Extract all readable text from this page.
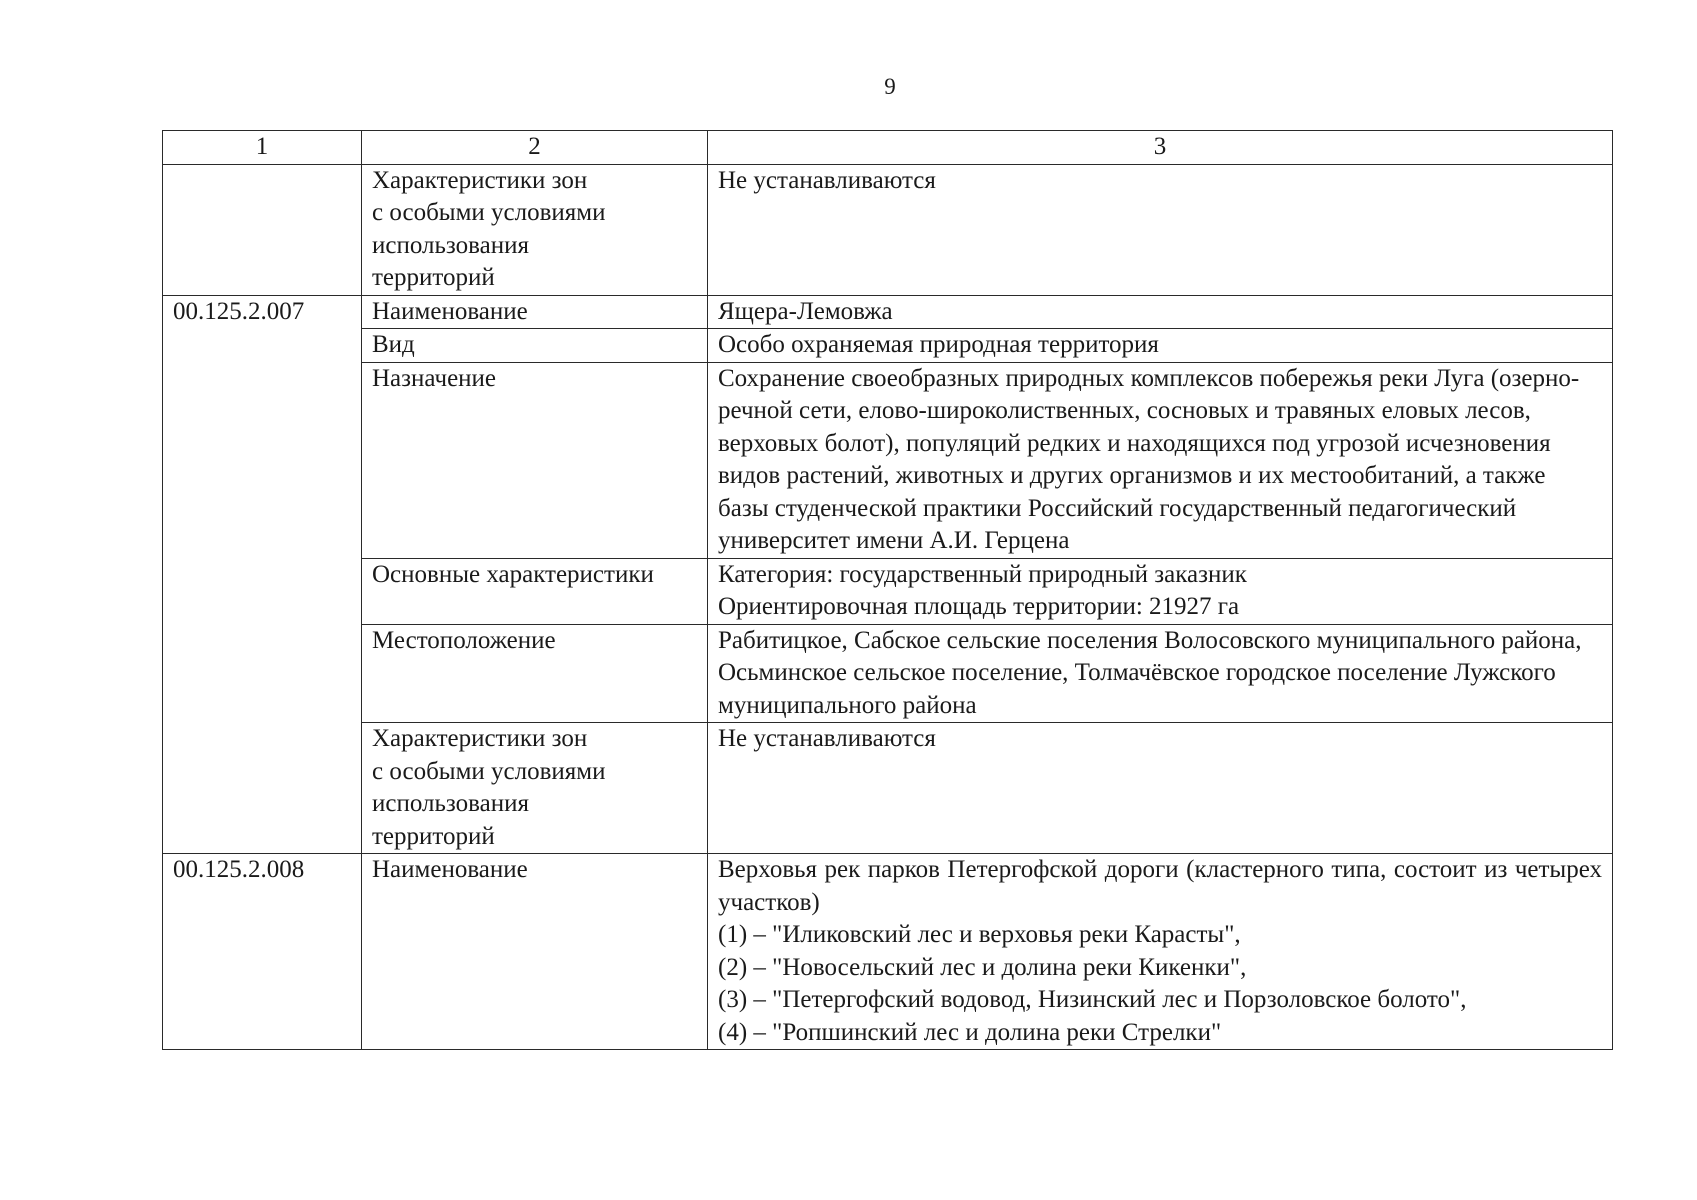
9
1	2	3

	Характеристики зон
с особыми условиями
использования
территорий	Не устанавливаются
00.125.2.007	Наименование	Ящера-Лемовжа
	Вид	Особо охраняемая природная территория
	Назначение	Сохранение своеобразных природных комплексов побережья реки Луга (озерно-речной сети, елово-широколиственных, сосновых и травяных еловых лесов, верховых болот), популяций редких и находящихся под угрозой исчезновения видов растений, животных и других организмов и их местообитаний, а также базы студенческой практики Российский государственный педагогический университет имени А.И. Герцена
	Основные характеристики	Категория: государственный природный заказник
Ориентировочная площадь территории: 21927 га

	Местоположение	Рабитицкое, Сабское сельские поселения Волосовского муниципального района, Осьминское сельское поселение, Толмачёвское городское поселение Лужского муниципального района

	Характеристики зон
с особыми условиями
использования
территорий	Не устанавливаются
00.125.2.008	Наименование	Верховья рек парков Петергофской дороги (кластерного типа, состоит из четырех участков)
(1) – "Иликовский лес и верховья реки Карасты",
(2) – "Новосельский лес и долина реки Кикенки",
(3) – "Петергофский водовод, Низинский лес и Порзоловское болото",
(4) – "Ропшинский лес и долина реки Стрелки"
